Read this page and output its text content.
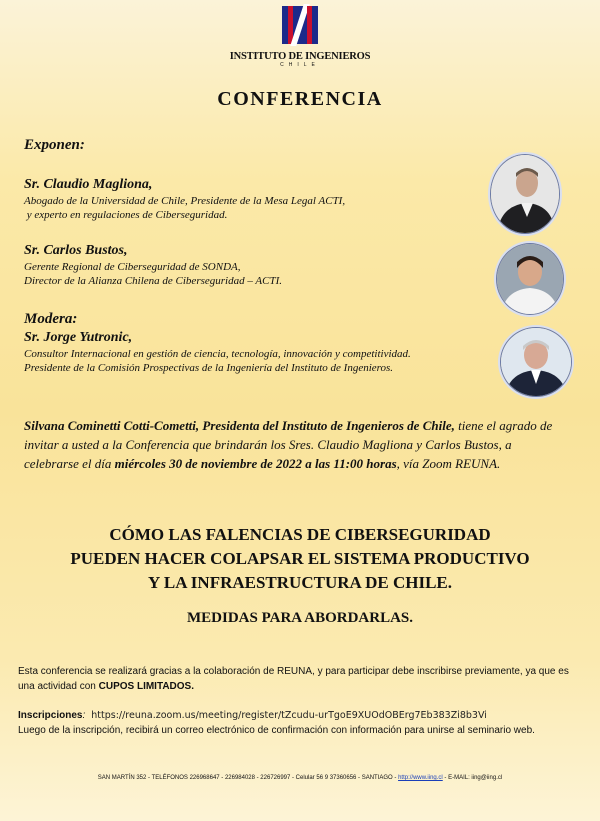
INSTITUTO DE INGENIEROS
CHILE
CONFERENCIA
Exponen:
Sr. Claudio Magliona,
Abogado de la Universidad de Chile, Presidente de la Mesa Legal ACTI,
y experto en regulaciones de Ciberseguridad.
Sr. Carlos Bustos,
Gerente Regional de Ciberseguridad de SONDA,
Director de la Alianza Chilena de Ciberseguridad – ACTI.
Modera:
Sr. Jorge Yutronic,
Consultor Internacional en gestión de ciencia, tecnología, innovación y competitividad.
Presidente de la Comisión Prospectivas de la Ingeniería del Instituto de Ingenieros.
Silvana Cominetti Cotti-Cometti, Presidenta del Instituto de Ingenieros de Chile, tiene el agrado de invitar a usted a la Conferencia que brindarán los Sres. Claudio Magliona y Carlos Bustos, a celebrarse el día miércoles 30 de noviembre de 2022 a las 11:00 horas, vía Zoom REUNA.
CÓMO LAS FALENCIAS DE CIBERSEGURIDAD
PUEDEN HACER COLAPSAR EL SISTEMA PRODUCTIVO
Y LA INFRAESTRUCTURA DE CHILE.
MEDIDAS PARA ABORDARLAS.
Esta conferencia se realizará gracias a la colaboración de REUNA, y para participar debe inscribirse previamente, ya que es una actividad con CUPOS LIMITADOS.
Inscripciones: https://reuna.zoom.us/meeting/register/tZcudu-urTgoE9XUOdOBErg7Eb383Zi8b3Vi
Luego de la inscripción, recibirá un correo electrónico de confirmación con información para unirse al seminario web.
SAN MARTÍN 352 - TELÉFONOS 226968647 - 226984028 - 226726997 - Celular 56 9 37360656 - SANTIAGO - http://www.iing.cl - E-MAIL: iing@iing.cl
